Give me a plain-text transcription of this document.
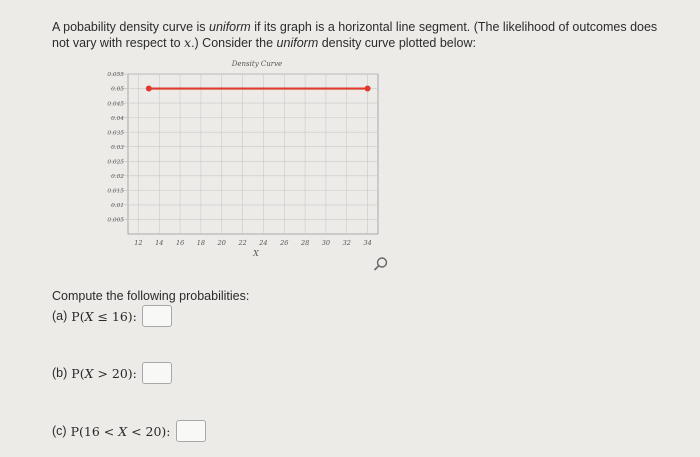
A pobability density curve is uniform if its graph is a horizontal line segment. (The likelihood of outcomes does not vary with respect to x.) Consider the uniform density curve plotted below:
12 14 16 18 20 22 24 26 28 30 32 34
0.005
0.01
0.015
0.02
0.025
0.03
0.035
0.04
0.045
0.05
0.055
Density Curve
X
Compute the following probabilities:
(a) P(X ≤ 16):
(b) P(X > 20):
(c) P(16 < X < 20):
